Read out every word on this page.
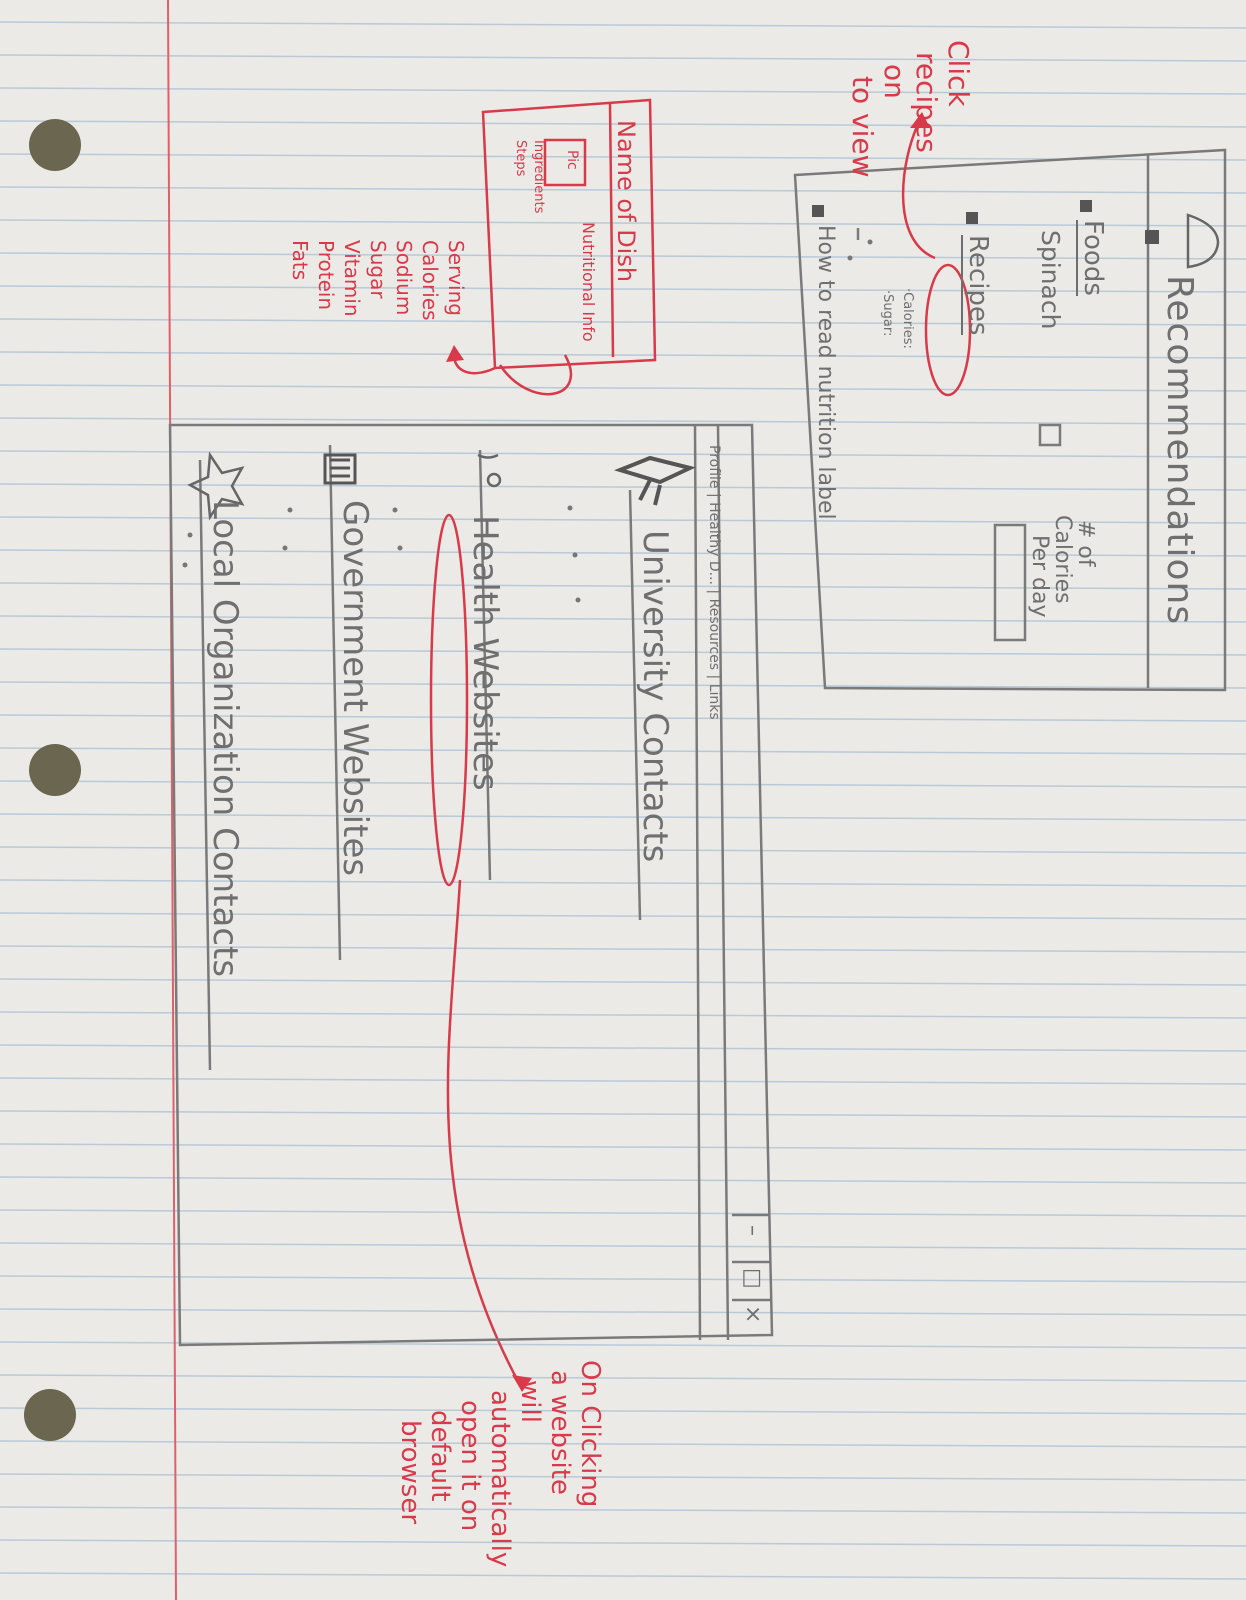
Recommendations
Foods
Spinach
# of
Calories
Per day
Recipes
·Calories:
·Sugar:
How to read nutrition label
Name of Dish
Pic
Nutritional Info
Ingredients
Steps
Click
recipes
on
to view
Serving
Calories
Sodium
Sugar
Vitamin
Protein
Fats
On Clicking
a website
will
automatically
open it on
default
browser
Profile | Healthy D... | Resources | Links
University Contacts
Health Websites
Government Websites
Local Organization Contacts
–
□
×
